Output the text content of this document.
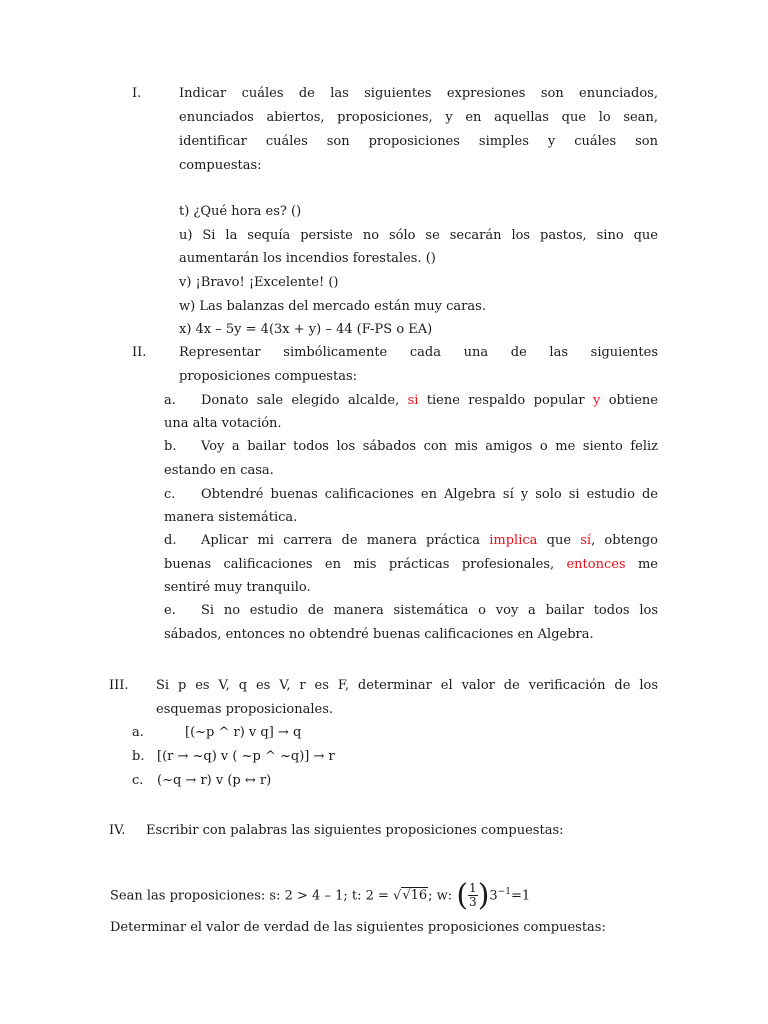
I.	Indicar cuáles de las siguientes expresiones son enunciados,
enunciados abiertos, proposiciones, y en aquellas que lo sean,
identificar cuáles son proposiciones simples y cuáles son
compuestas:
t) ¿Qué hora es? ()
u) Si la sequía persiste no sólo se secarán los pastos, sino que
aumentarán los incendios forestales. ()
v) ¡Bravo! ¡Excelente! ()
w) Las balanzas del mercado están muy caras.
x) 4x – 5y = 4(3x + y) – 44 (F-PS o EA)
II.	Representar simbólicamente cada una de las siguientes
proposiciones compuestas:
a. Donato sale elegido alcalde, si tiene respaldo popular y obtiene
una alta votación.
b. Voy a bailar todos los sábados con mis amigos o me siento feliz
estando en casa.
c. Obtendré buenas calificaciones en Algebra sí y solo si estudio de
manera sistemática.
d. Aplicar mi carrera de manera práctica implica que sí, obtengo
buenas calificaciones en mis prácticas profesionales, entonces me
sentiré muy tranquilo.
e. Si no estudio de manera sistemática o voy a bailar todos los
sábados, entonces no obtendré buenas calificaciones en Algebra.
III. Si p es V, q es V, r es F, determinar el valor de verificación de los
esquemas proposicionales.
a.	[(~p ^ r) v q] → q
b. [(r → ~q) v ( ~p ^ ~q)] → r
c. (~q → r) v (p ↔ r)
IV. Escribir con palabras las siguientes proposiciones compuestas:
Sean las proposiciones: s: 2 > 4 – 1; t: 2 = √√16; w: ( $\frac{1}{3} )3^{-1}=1$
Determinar el valor de verdad de las siguientes proposiciones compuestas:
